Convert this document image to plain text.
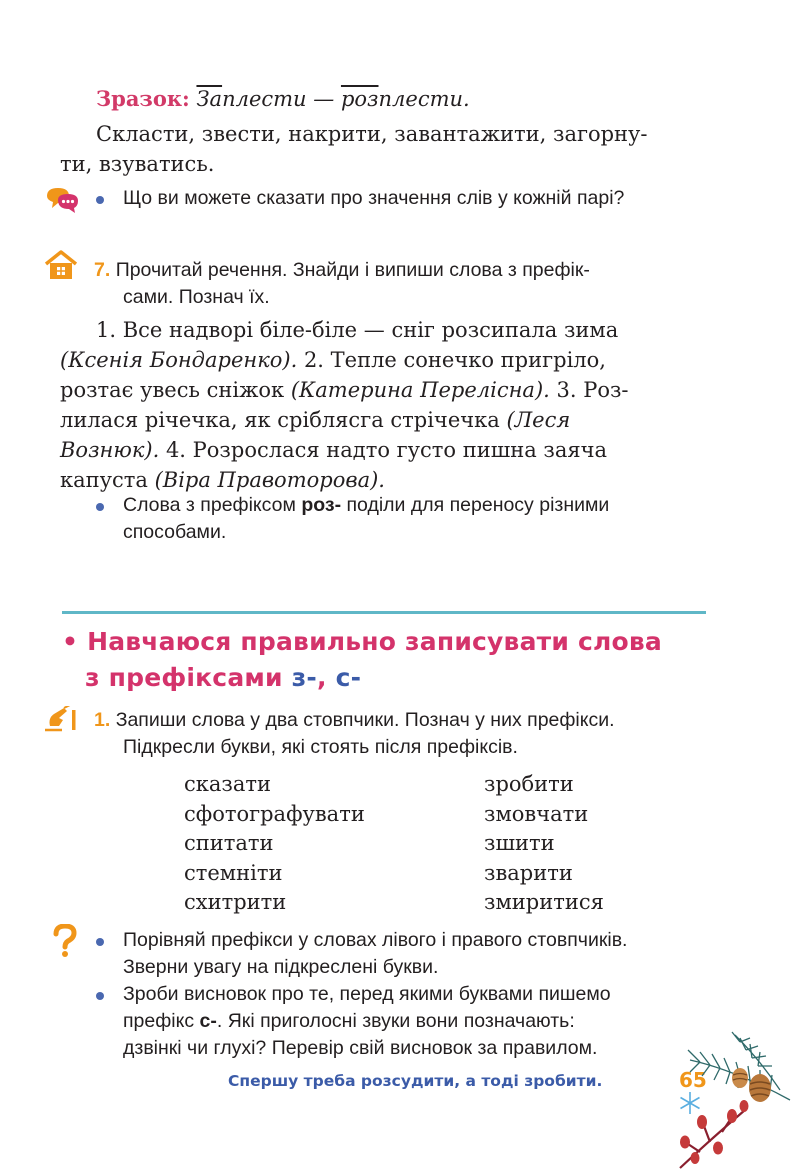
Зразок: Заплести — розплести.
Скласти, звести, накрити, завантажити, загорну-
ти, взуватись.
Що ви можете сказати про значення слів у кожній парі?
7. Прочитай речення. Знайди і випиши слова з префік-
сами. Познач їх.
1. Все надворі біле-біле — сніг розсипала зима
(Ксенія Бондаренко). 2. Тепле сонечко пригріло,
розтає увесь сніжок (Катерина Перелісна). 3. Роз-
лилася річечка, як сріблясга стрічечка (Леся
Вознюк). 4. Розрослася надто густо пишна заяча
капуста (Віра Правоторова).
Слова з префіксом роз- поділи для переносу різними
способами.
• Навчаюся правильно записувати слова
з префіксами з-, с-
1. Запиши слова у два стовпчики. Познач у них префікси.
Підкресли букви, які стоять після префіксів.
сказати
сфотографувати
спитати
стемніти
схитрити
зробити
змовчати
зшити
зварити
змиритися
Порівняй префікси у словах лівого і правого стовпчиків.
Зверни увагу на підкреслені букви.
Зроби висновок про те, перед якими буквами пишемо
префікс с-. Які приголосні звуки вони позначають:
дзвінкі чи глухі? Перевір свій висновок за правилом.
Спершу треба розсудити, а тоді зробити.	65
